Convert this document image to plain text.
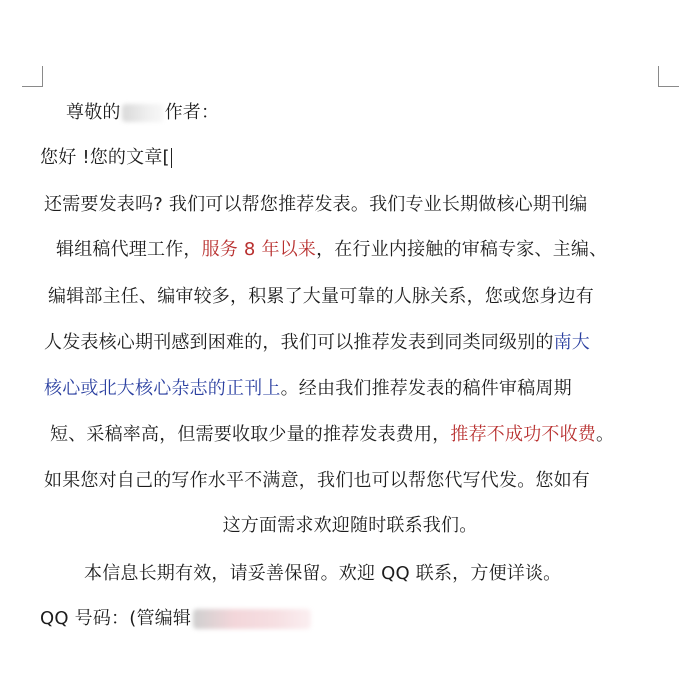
尊敬的 作者：
您好 !您的文章[
还需要发表吗? 我们可以帮您推荐发表。我们专业长期做核心期刊编
辑组稿代理工作，服务 8 年以来，在行业内接触的审稿专家、主编、
编辑部主任、编审较多，积累了大量可靠的人脉关系，您或您身边有
人发表核心期刊感到困难的，我们可以推荐发表到同类同级别的南大
核心或北大核心杂志的正刊上。经由我们推荐发表的稿件审稿周期
短、采稿率高，但需要收取少量的推荐发表费用，推荐不成功不收费。
如果您对自己的写作水平不满意，我们也可以帮您代写代发。您如有
这方面需求欢迎随时联系我们。
本信息长期有效，请妥善保留。欢迎 QQ 联系，方便详谈。
QQ 号码：(管编辑
